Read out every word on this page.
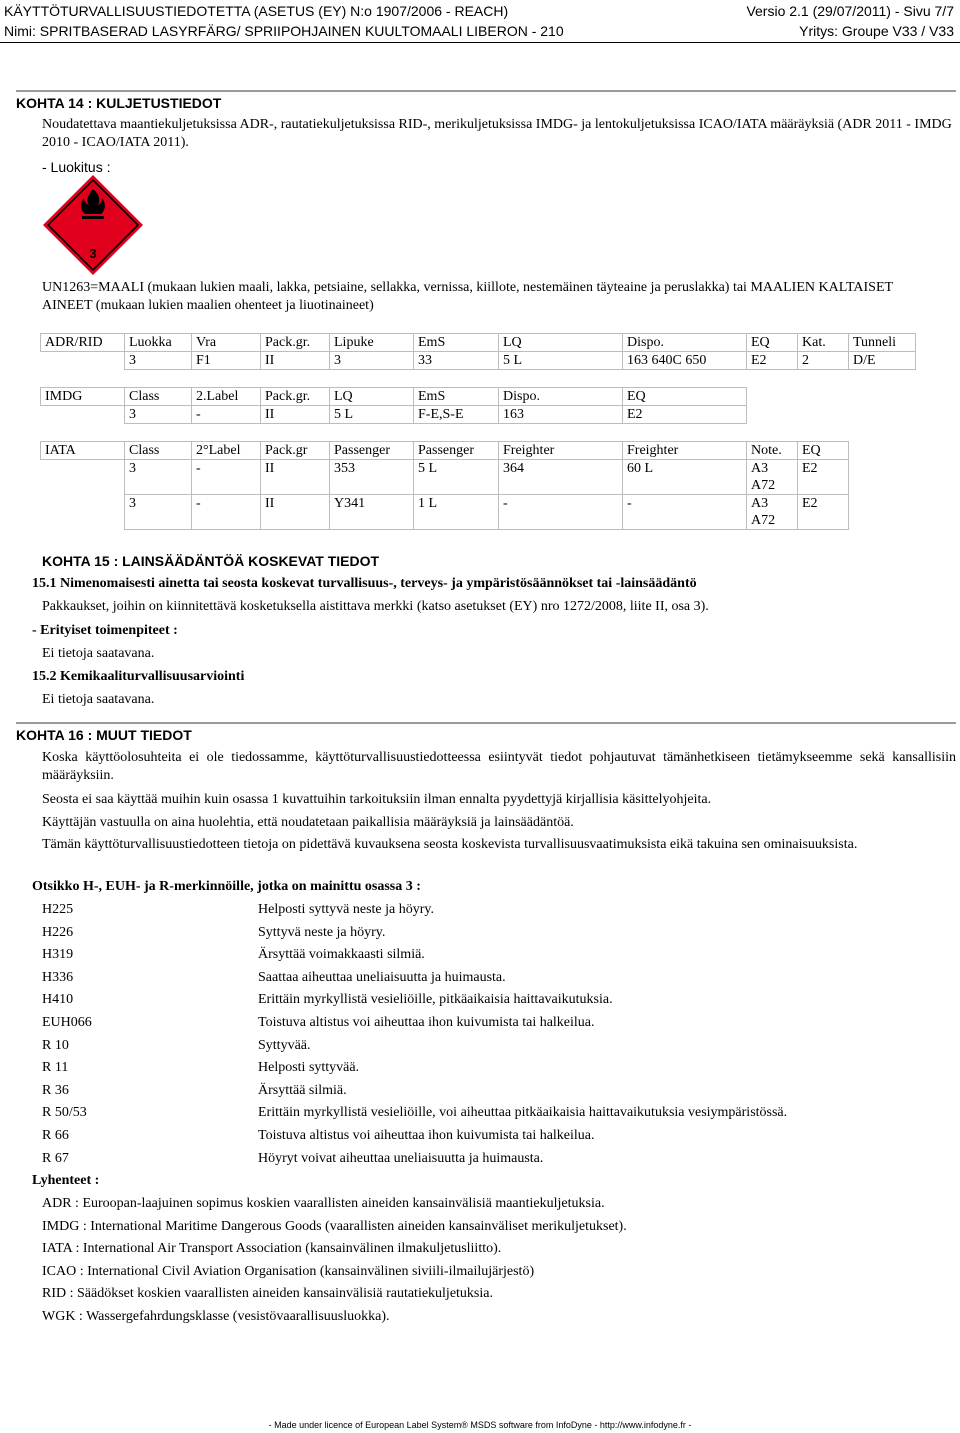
KÄYTTÖTURVALLISUUSTIEDOTETTA (ASETUS (EY) N:o 1907/2006 - REACH)	Versio 2.1 (29/07/2011) - Sivu 7/7
Nimi: SPRITBASERAD LASYRFÄRG/ SPRIIPOHJAINEN KUULTOMAALI LIBERON - 210	Yritys: Groupe V33 / V33
KOHTA 14 : KULJETUSTIEDOT
Noudatettava maantiekuljetuksissa ADR-, rautatiekuljetuksissa RID-, merikuljetuksissa IMDG- ja lentokuljetuksissa ICAO/IATA määräyksiä (ADR 2011 - IMDG 2010 - ICAO/IATA 2011).
- Luokitus :
3
UN1263=MAALI (mukaan lukien maali, lakka, petsiaine, sellakka, vernissa, kiillote, nestemäinen täyteaine ja peruslakka) tai MAALIEN KALTAISET AINEET (mukaan lukien maalien ohenteet ja liuotinaineet)
ADR/RID	Luokka	Vra	Pack.gr.	Lipuke	EmS	LQ	Dispo.	EQ	Kat.	Tunneli
	3	F1	II	3	33	5 L	163 640C 650	E2	2	D/E
IMDG	Class	2.Label	Pack.gr.	LQ	EmS	Dispo.	EQ
	3	-	II	5 L	F-E,S-E	163	E2
IATA	Class	2°Label	Pack.gr	Passenger	Passenger	Freighter	Freighter	Note.	EQ
	3	-	II	353	5 L	364	60 L	A3	E2
								A72	
	3	-	II	Y341	1 L	-	-	A3	E2
								A72	
KOHTA 15 : LAINSÄÄDÄNTÖÄ KOSKEVAT TIEDOT
15.1 Nimenomaisesti ainetta tai seosta koskevat turvallisuus-, terveys- ja ympäristösäännökset tai -lainsäädäntö
Pakkaukset, joihin on kiinnitettävä kosketuksella aistittava merkki (katso asetukset (EY) nro 1272/2008, liite II, osa 3).
- Erityiset toimenpiteet :
Ei tietoja saatavana.
15.2 Kemikaaliturvallisuusarviointi
Ei tietoja saatavana.
KOHTA 16 : MUUT TIEDOT
Koska käyttöolosuhteita ei ole tiedossamme, käyttöturvallisuustiedotteessa esiintyvät tiedot pohjautuvat tämänhetkiseen tietämykseemme sekä kansallisiin määräyksiin.
Seosta ei saa käyttää muihin kuin osassa 1 kuvattuihin tarkoituksiin ilman ennalta pyydettyjä kirjallisia käsittelyohjeita.
Käyttäjän vastuulla on aina huolehtia, että noudatetaan paikallisia määräyksiä ja lainsäädäntöä.
Tämän käyttöturvallisuustiedotteen tietoja on pidettävä kuvauksena seosta koskevista turvallisuusvaatimuksista eikä takuina sen ominaisuuksista.
Otsikko H-, EUH- ja R-merkinnöille, jotka on mainittu osassa 3 :
H225	Helposti syttyvä neste ja höyry.
H226	Syttyvä neste ja höyry.
H319	Ärsyttää voimakkaasti silmiä.
H336	Saattaa aiheuttaa uneliaisuutta ja huimausta.
H410	Erittäin myrkyllistä vesieliöille, pitkäaikaisia haittavaikutuksia.
EUH066	Toistuva altistus voi aiheuttaa ihon kuivumista tai halkeilua.
R 10	Syttyvää.
R 11	Helposti syttyvää.
R 36	Ärsyttää silmiä.
R 50/53	Erittäin myrkyllistä vesieliöille, voi aiheuttaa pitkäaikaisia haittavaikutuksia vesiympäristössä.
R 66	Toistuva altistus voi aiheuttaa ihon kuivumista tai halkeilua.
R 67	Höyryt voivat aiheuttaa uneliaisuutta ja huimausta.
Lyhenteet :
ADR : Euroopan-laajuinen sopimus koskien vaarallisten aineiden kansainvälisiä maantiekuljetuksia.
IMDG : International Maritime Dangerous Goods (vaarallisten aineiden kansainväliset merikuljetukset).
IATA : International Air Transport Association (kansainvälinen ilmakuljetusliitto).
ICAO : International Civil Aviation Organisation (kansainvälinen siviili-ilmailujärjestö)
RID : Säädökset koskien vaarallisten aineiden kansainvälisiä rautatiekuljetuksia.
WGK : Wassergefahrdungsklasse (vesistövaarallisuusluokka).
- Made under licence of European Label System® MSDS software from InfoDyne - http://www.infodyne.fr -
